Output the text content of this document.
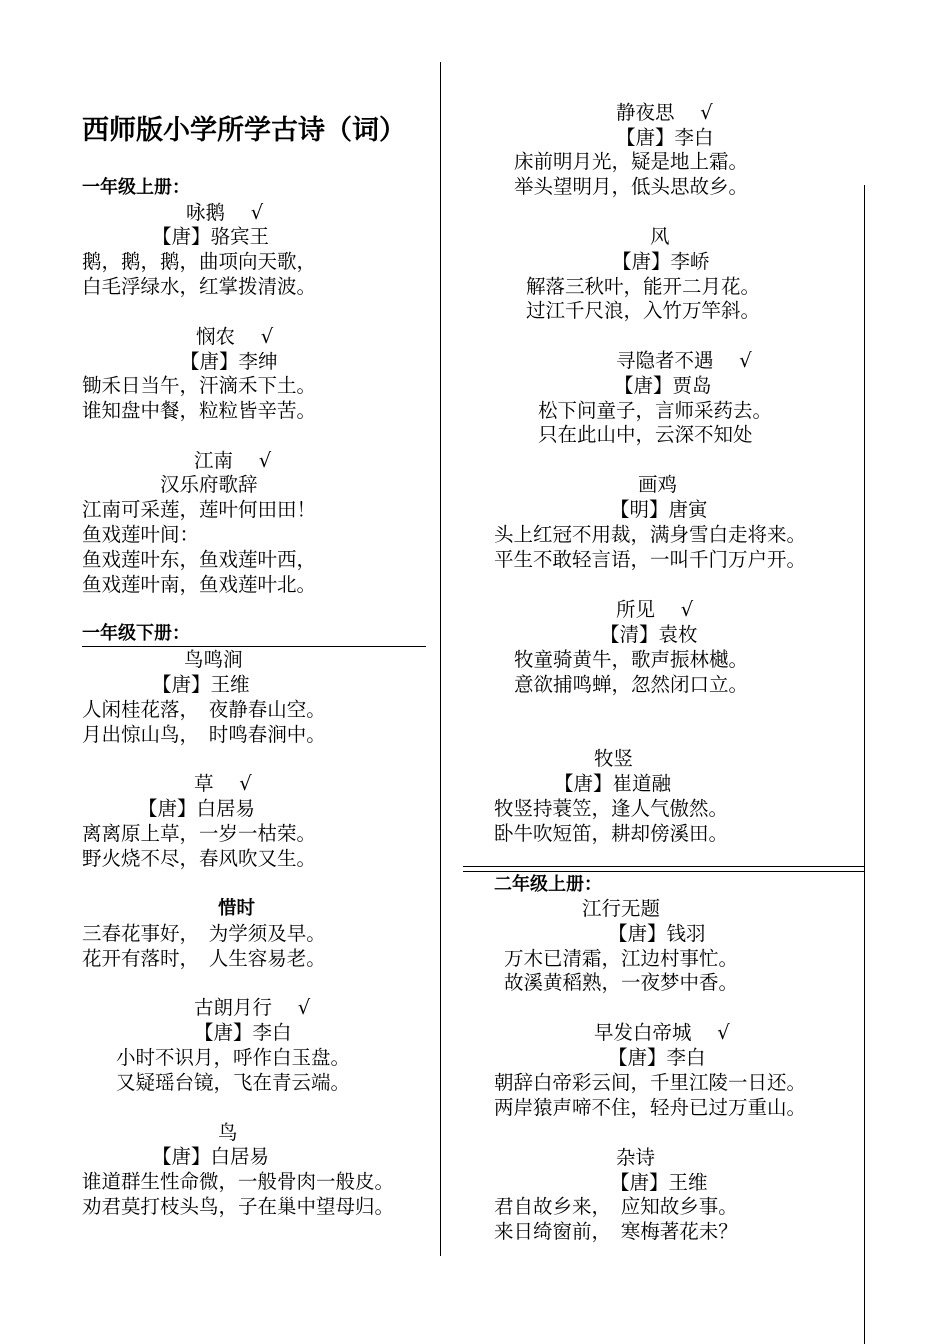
西师版小学所学古诗（词）
一年级上册：
咏鹅　 √
【唐】骆宾王
鹅，鹅，鹅，曲项向天歌，
白毛浮绿水，红掌拨清波。
悯农　 √
【唐】李绅
锄禾日当午，汗滴禾下土。
谁知盘中餐，粒粒皆辛苦。
江南　 √
汉乐府歌辞
江南可采莲，莲叶何田田！
鱼戏莲叶间：
鱼戏莲叶东，鱼戏莲叶西，
鱼戏莲叶南，鱼戏莲叶北。
一年级下册：
鸟鸣涧
【唐】王维
人闲桂花落，　夜静春山空。
月出惊山鸟，　时鸣春涧中。
草　 √
【唐】白居易
离离原上草，一岁一枯荣。
野火烧不尽，春风吹又生。
惜时
三春花事好，　为学须及早。
花开有落时，　人生容易老。
古朗月行　 √
【唐】李白
小时不识月，呼作白玉盘。
又疑瑶台镜，飞在青云端。
鸟
【唐】白居易
谁道群生性命微，一般骨肉一般皮。
劝君莫打枝头鸟，子在巢中望母归。
静夜思　 √
【唐】李白
床前明月光，疑是地上霜。
举头望明月，低头思故乡。
风
【唐】李峤
解落三秋叶，能开二月花。
过江千尺浪，入竹万竿斜。
寻隐者不遇　 √
【唐】贾岛
松下问童子，言师采药去。
只在此山中，云深不知处
画鸡
【明】唐寅
头上红冠不用裁，满身雪白走将来。
平生不敢轻言语，一叫千门万户开。
所见　 √
【清】袁枚
牧童骑黄牛，歌声振林樾。
意欲捕鸣蝉，忽然闭口立。
牧竖
【唐】崔道融
牧竖持蓑笠，逢人气傲然。
卧牛吹短笛，耕却傍溪田。
二年级上册：
江行无题
【唐】钱羽
万木已清霜，江边村事忙。
故溪黄稻熟，一夜梦中香。
早发白帝城　 √
【唐】李白
朝辞白帝彩云间，千里江陵一日还。
两岸猿声啼不住，轻舟已过万重山。
杂诗
【唐】王维
君自故乡来，　应知故乡事。
来日绮窗前，　寒梅著花未？
